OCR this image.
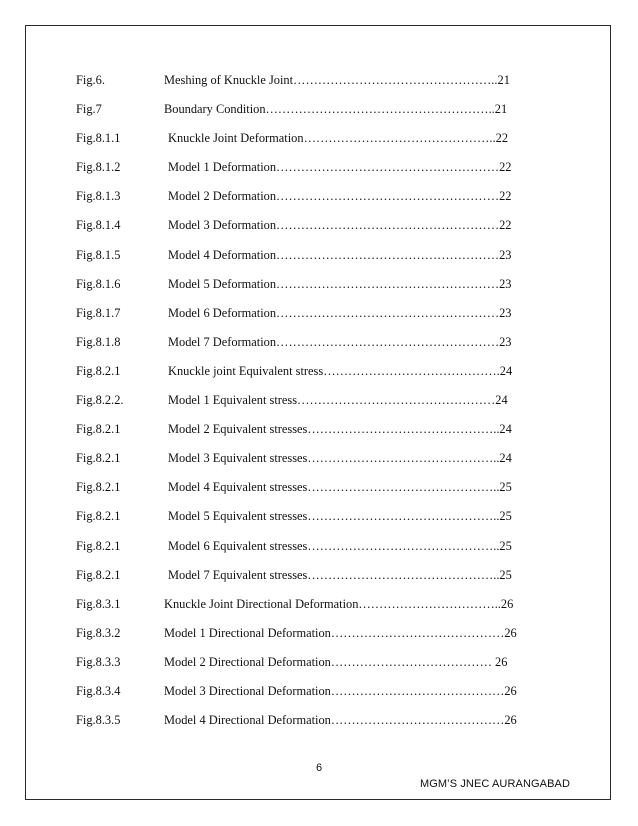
Fig.6.	Meshing of Knuckle Joint…………………………………………..21
Fig.7	Boundary Condition………………………………………………..21
Fig.8.1.1	Knuckle Joint Deformation………………………………………..22
Fig.8.1.2	Model 1 Deformation………………………………………………22
Fig.8.1.3	Model 2 Deformation………………………………………………22
Fig.8.1.4	Model 3 Deformation………………………………………………22
Fig.8.1.5	Model 4 Deformation………………………………………………23
Fig.8.1.6	Model 5 Deformation………………………………………………23
Fig.8.1.7	Model 6 Deformation………………………………………………23
Fig.8.1.8	Model 7 Deformation………………………………………………23
Fig.8.2.1	Knuckle joint Equivalent stress…………………………………….24
Fig.8.2.2.	Model 1 Equivalent stress…………………………………………24
Fig.8.2.1	Model 2 Equivalent stresses………………………………………..24
Fig.8.2.1	Model 3 Equivalent stresses………………………………………..24
Fig.8.2.1	Model 4 Equivalent stresses………………………………………..25
Fig.8.2.1	Model 5 Equivalent stresses………………………………………..25
Fig.8.2.1	Model 6 Equivalent stresses………………………………………..25
Fig.8.2.1	Model 7 Equivalent stresses………………………………………..25
Fig.8.3.1	Knuckle Joint Directional Deformation……………………………..26
Fig.8.3.2	Model 1 Directional Deformation……………………………………26
Fig.8.3.3	Model 2 Directional Deformation………………………………… 26
Fig.8.3.4	Model 3 Directional Deformation……………………………………26
Fig.8.3.5	Model 4 Directional Deformation……………………………………26
6
MGM’S JNEC AURANGABAD
